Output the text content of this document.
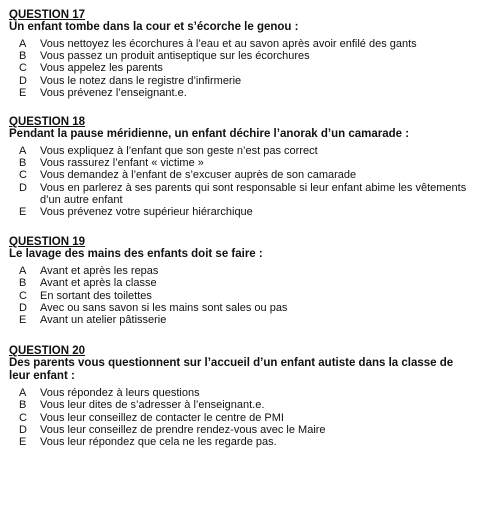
QUESTION 17

Un enfant tombe dans la cour et s’écorche le genou :

A	Vous nettoyez les écorchures à l’eau et au savon après avoir enfilé des gants
B	Vous passez un produit antiseptique sur les écorchures
C	Vous appelez les parents
D	Vous le notez dans le registre d’infirmerie
E	Vous prévenez l’enseignant.e.

QUESTION 18

Pendant la pause méridienne, un enfant déchire l’anorak d’un camarade :

A	Vous expliquez à l’enfant que son geste n’est pas correct
B	Vous rassurez l’enfant « victime »
C	Vous demandez à l’enfant de s’excuser auprès de son camarade
D	Vous en parlerez à ses parents qui sont responsable si leur enfant abime les vêtements d’un autre enfant
E	Vous prévenez votre supérieur hiérarchique

QUESTION 19

Le lavage des mains des enfants doit se faire :

A	Avant et après les repas
B	Avant et après la classe
C	En sortant des toilettes
D	Avec ou sans savon si les mains sont sales ou pas
E	Avant un atelier pâtisserie

QUESTION 20

Des parents vous questionnent sur l’accueil d’un enfant autiste dans la classe de leur enfant :

A	Vous répondez à leurs questions
B	Vous leur dites de s’adresser à l’enseignant.e.
C	Vous leur conseillez de contacter le centre de PMI
D	Vous leur conseillez de prendre rendez-vous avec le Maire
E	Vous leur répondez que cela ne les regarde pas.
